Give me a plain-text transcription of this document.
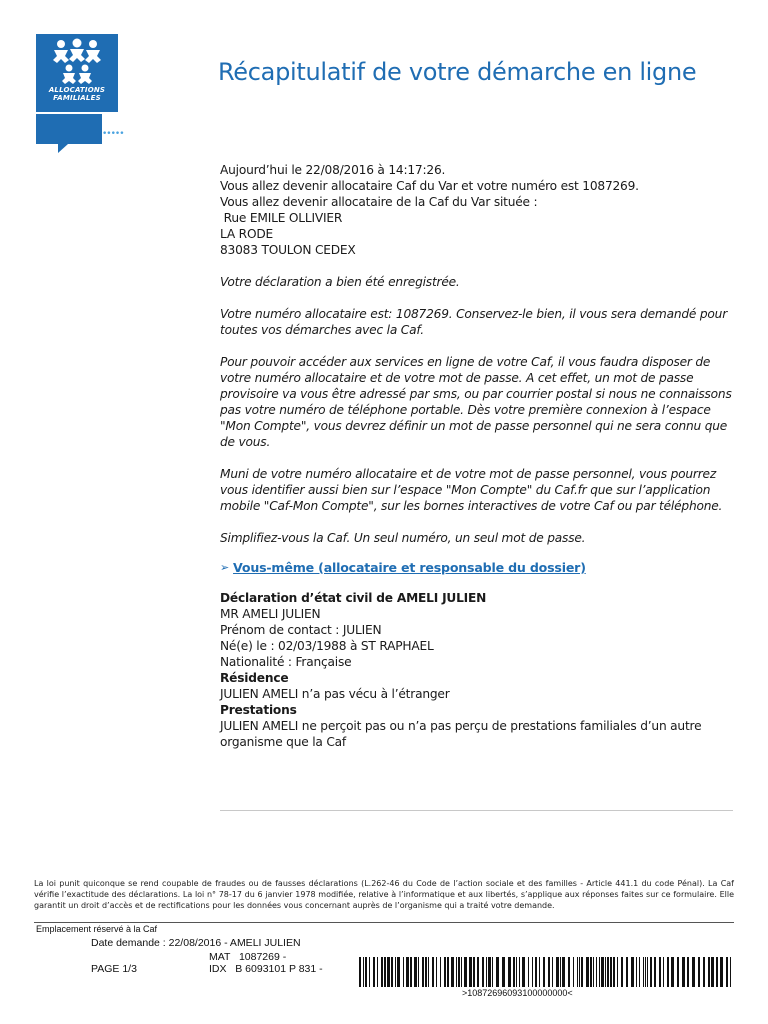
ALLOCATIONS
FAMILIALES
caf·fr
•••••
Récapitulatif de votre démarche en ligne

Aujourd’hui le 22/08/2016 à 14:17:26.

Vous allez devenir allocataire Caf du Var et votre numéro est 1087269.

Vous allez devenir allocataire de la Caf du Var située :

Rue EMILE OLLIVIER

LA RODE

83083 TOULON CEDEX

Votre déclaration a bien été enregistrée.

Votre numéro allocataire est: 1087269. Conservez-le bien, il vous sera demandé pour toutes vos démarches avec la Caf.

Pour pouvoir accéder aux services en ligne de votre Caf, il vous faudra disposer de votre numéro allocataire et de votre mot de passe. A cet effet, un mot de passe provisoire va vous être adressé par sms, ou par courrier postal si nous ne connaissons pas votre numéro de téléphone portable. Dès votre première connexion à l’espace "Mon Compte", vous devrez définir un mot de passe personnel qui ne sera connu que de vous.

Muni de votre numéro allocataire et de votre mot de passe personnel, vous pourrez vous identifier aussi bien sur l’espace "Mon Compte" du Caf.fr que sur l’application mobile "Caf-Mon Compte", sur les bornes interactives de votre Caf ou par téléphone.

Simplifiez-vous la Caf. Un seul numéro, un seul mot de passe.

➢ Vous-même (allocataire et responsable du dossier)

Déclaration d’état civil de AMELI JULIEN

MR AMELI JULIEN

Prénom de contact : JULIEN

Né(e) le : 02/03/1988 à ST RAPHAEL

Nationalité : Française

Résidence

JULIEN AMELI n’a pas vécu à l’étranger

Prestations

JULIEN AMELI ne perçoit pas ou n’a pas perçu de prestations familiales d’un autre organisme que la Caf

La loi punit quiconque se rend coupable de fraudes ou de fausses déclarations (L.262-46 du Code de l’action sociale et des familles - Article 441.1 du code Pénal). La Caf vérifie l’exactitude des déclarations. La loi n° 78-17 du 6 janvier 1978 modifiée, relative à l’informatique et aux libertés, s’applique aux réponses faites sur ce formulaire. Elle garantit un droit d’accès et de rectifications pour les données vous concernant auprès de l’organisme qui a traité votre demande.
Emplacement réservé à la Caf
Date demande : 22/08/2016 - AMELI JULIEN
MAT   1087269 -
PAGE 1/3	IDX   B 6093101 P 831 -
>10872696093100000000<
